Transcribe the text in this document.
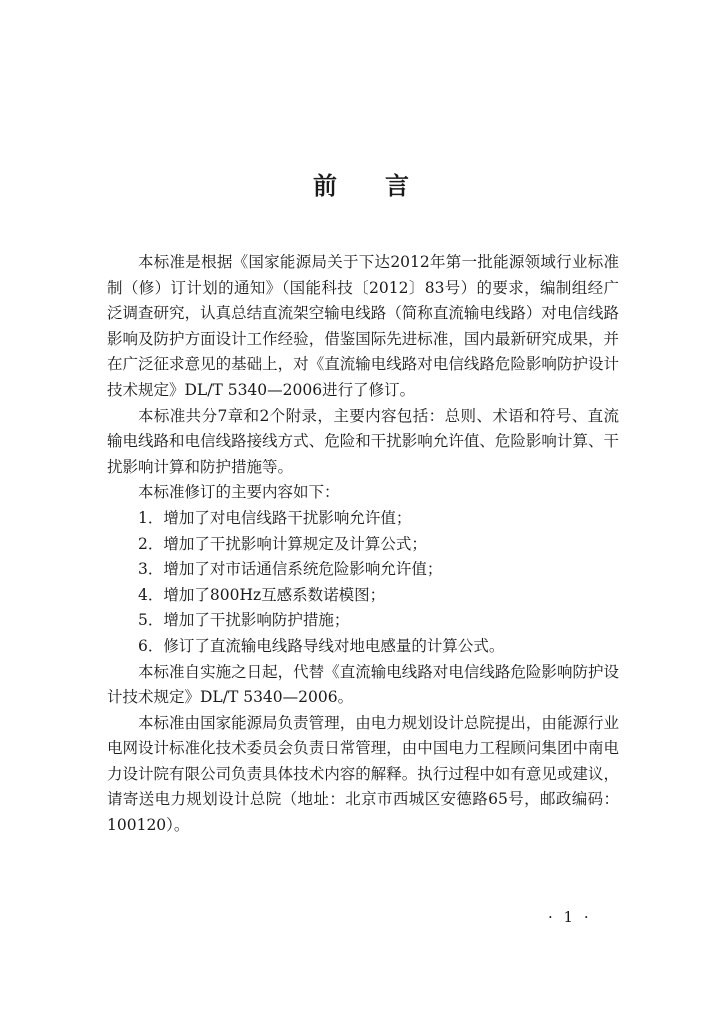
前 言

本标准是根据《国家能源局关于下达2012年第一批能源领域行业标准制（修）订计划的通知》（国能科技〔2012〕83号）的要求，编制组经广泛调查研究，认真总结直流架空输电线路（简称直流输电线路）对电信线路影响及防护方面设计工作经验，借鉴国际先进标准，国内最新研究成果，并在广泛征求意见的基础上，对《直流输电线路对电信线路危险影响防护设计技术规定》DL/T 5340—2006进行了修订。

本标准共分7章和2个附录，主要内容包括：总则、术语和符号、直流输电线路和电信线路接线方式、危险和干扰影响允许值、危险影响计算、干扰影响计算和防护措施等。

本标准修订的主要内容如下：

1．增加了对电信线路干扰影响允许值；

2．增加了干扰影响计算规定及计算公式；

3．增加了对市话通信系统危险影响允许值；

4．增加了800Hz互感系数诺模图；

5．增加了干扰影响防护措施；

6．修订了直流输电线路导线对地电感量的计算公式。

本标准自实施之日起，代替《直流输电线路对电信线路危险影响防护设计技术规定》DL/T 5340—2006。

本标准由国家能源局负责管理，由电力规划设计总院提出，由能源行业电网设计标准化技术委员会负责日常管理，由中国电力工程顾问集团中南电力设计院有限公司负责具体技术内容的解释。执行过程中如有意见或建议，请寄送电力规划设计总院（地址：北京市西城区安德路65号，邮政编码：100120）。

· 1 ·
